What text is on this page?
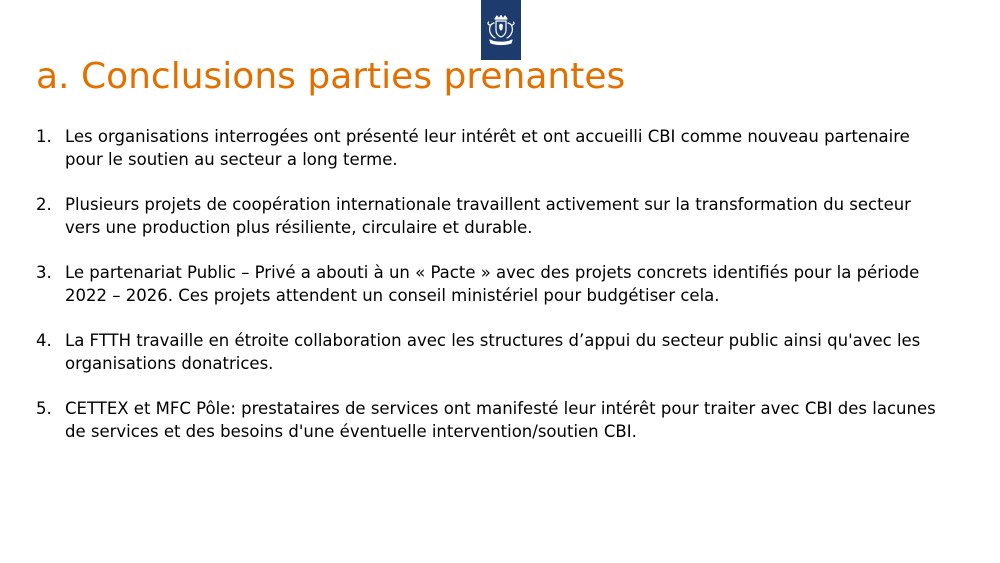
a. Conclusions parties prenantes
1. Les organisations interrogées ont présenté leur intérêt et ont accueilli CBI comme nouveau partenaire pour le soutien au secteur a long terme.
2. Plusieurs projets de coopération internationale travaillent activement sur la transformation du secteur vers une production plus résiliente, circulaire et durable.
3. Le partenariat Public – Privé a abouti à un « Pacte » avec des projets concrets identifiés pour la période 2022 – 2026. Ces projets attendent un conseil ministériel pour budgétiser cela.
4. La FTTH travaille en étroite collaboration avec les structures d’appui du secteur public ainsi qu'avec les organisations donatrices.
5. CETTEX et MFC Pôle: prestataires de services ont manifesté leur intérêt pour traiter avec CBI des lacunes de services et des besoins d'une éventuelle intervention/soutien CBI.
